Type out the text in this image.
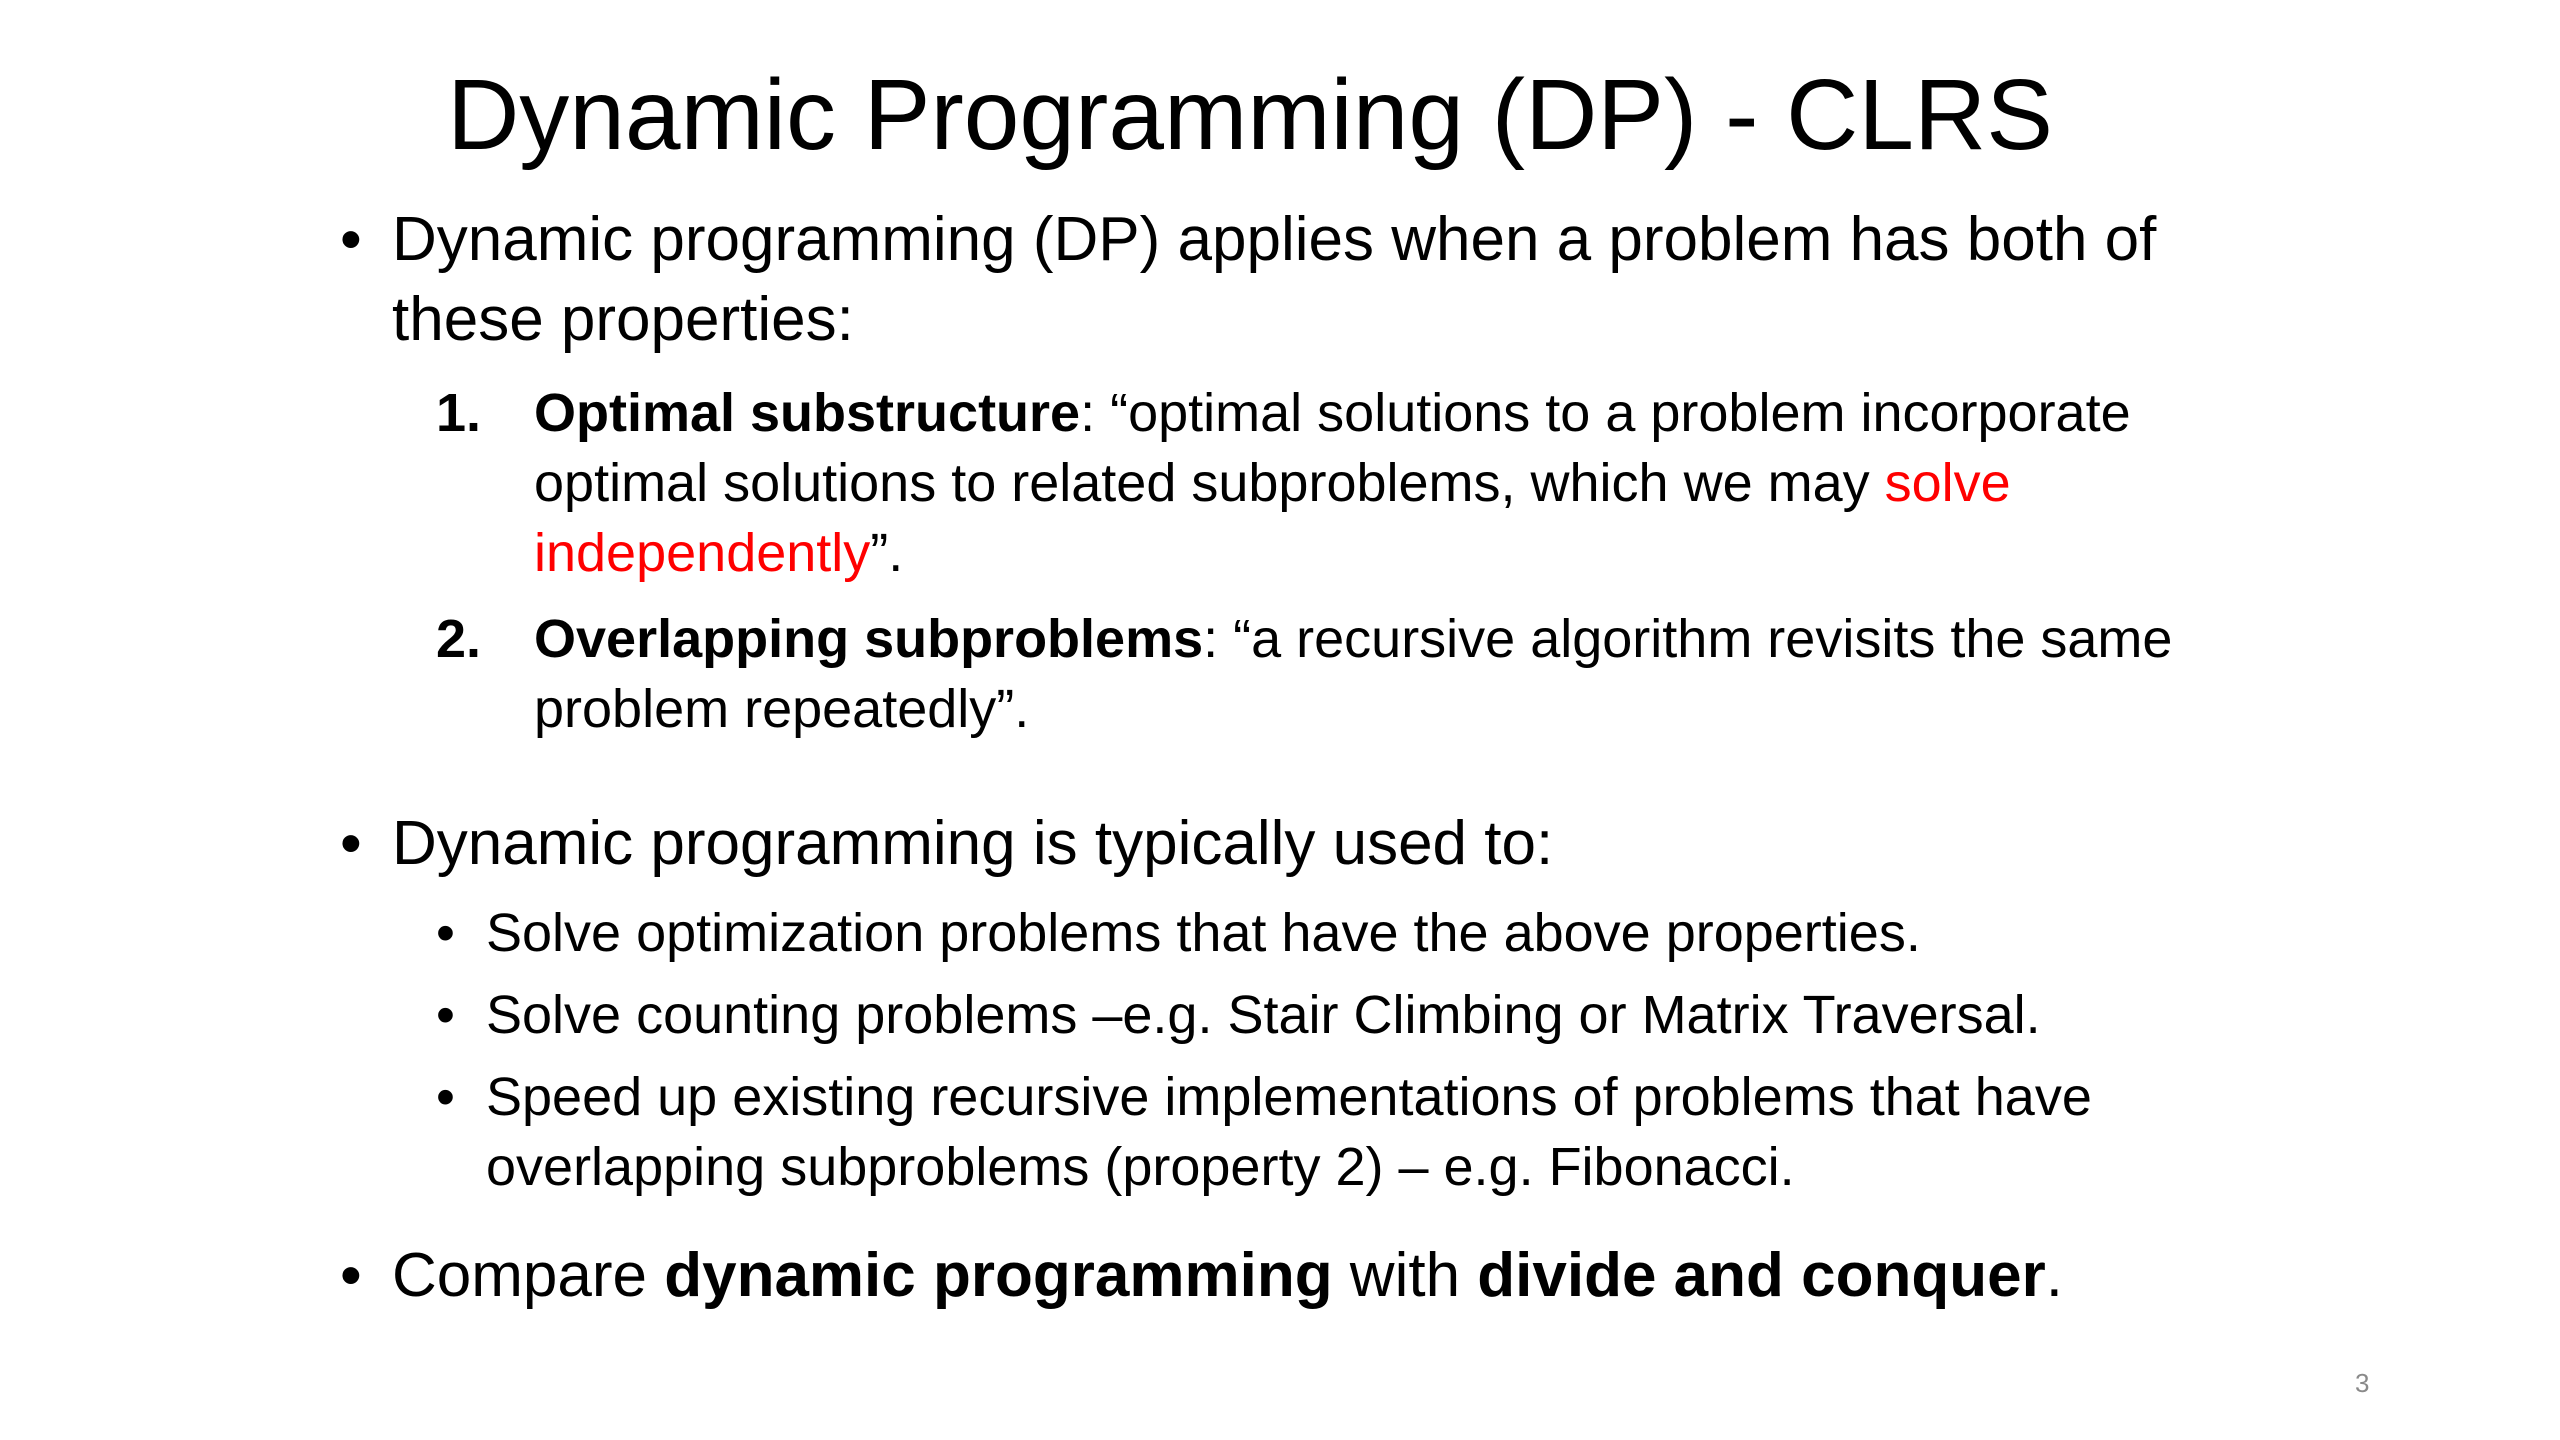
Dynamic Programming (DP) - CLRS
• Dynamic programming (DP) applies when a problem has both of these properties:
1. Optimal substructure: “optimal solutions to a problem incorporate optimal solutions to related subproblems, which we may solve independently”.
2. Overlapping subproblems: “a recursive algorithm revisits the same problem repeatedly”.
• Dynamic programming is typically used to:
• Solve optimization problems that have the above properties.
• Solve counting problems –e.g. Stair Climbing or Matrix Traversal.
• Speed up existing recursive implementations of problems that have overlapping subproblems (property 2) – e.g. Fibonacci.
• Compare dynamic programming with divide and conquer.
3
